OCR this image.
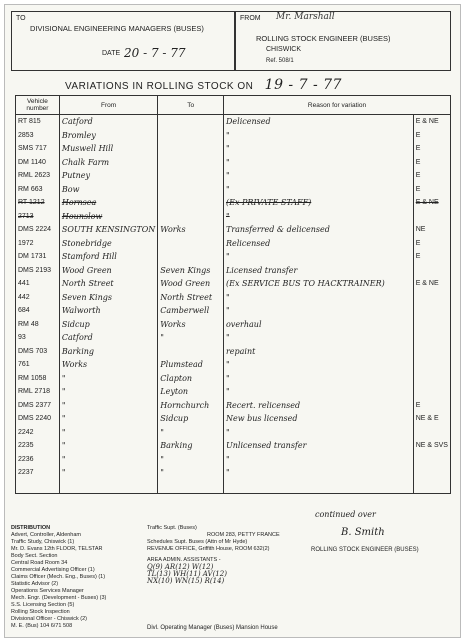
TO
DIVISIONAL ENGINEERING MANAGERS (BUSES)
DATE 20 - 7 - 77
FROM Mr. Marshall
ROLLING STOCK ENGINEER (BUSES)
CHISWICK
Ref. 508/1
VARIATIONS IN ROLLING STOCK ON 19 - 7 - 77
Vehicle number	From	To	Reason for variation	
RT 815	Catford		Delicensed	E & NE
2853	Bromley		"	E
SMS 717	Muswell Hill		"	E
DM 1140	Chalk Farm		"	E
RML 2623	Putney		"	E
RM 663	Bow		"	E
RT 1212	Hornsea		(Ex PRIVATE STAFF)	E & NE
2713	Hounslow		"	
DMS 2224	SOUTH KENSINGTON	Works	Transferred & delicensed	NE
1972	Stonebridge		Relicensed	E
DM 1731	Stamford Hill		"	E
DMS 2193	Wood Green	Seven Kings	Licensed transfer	
441	North Street	Wood Green	(Ex SERVICE BUS TO HACKTRAINER)	E & NE
442	Seven Kings	North Street	"	
684	Walworth	Camberwell	"	
RM 48	Sidcup	Works	overhaul	
93	Catford	"	"	
DMS 703	Barking		repaint	
761	Works	Plumstead	"	
RM 1058	"	Clapton	"	
RML 2718	"	Leyton	"	
DMS 2377	"	Hornchurch	Recert. relicensed	E
DMS 2240	"	Sidcup	New bus licensed	NE & E
2242	"	"	"	
2235	"	Barking	Unlicensed transfer	NE & SVS
2236	"	"	"	
2237	"	"	"	

continued over
DISTRIBUTION
Advert, Controller, Aldenham
Traffic Study, Chiswick (1)
Mr. D. Evans 12th FLOOR, TELSTAR
Body Sect. Section
Central Road Room 34
Commercial Advertising Officer (1)
Claims Officer (Mech. Eng., Buses) (1)
Statistic Advisor (2)
Operations Services Manager
Mech. Engr. (Development - Buses) (3)
S.S. Licensing Section (5)
Rolling Stock Inspection
Divisional Officer - Chiswick (2)
M. E. (Bus) 104 6/71 508
Traffic Supt. (Buses)
ROOM 283, PETTY FRANCE
Schedules Supt. Buses (Attn of Mr Hyde)
REVENUE OFFICE, Griffith House, ROOM 632(2)
AREA ADMIN. ASSISTANTS -
Q(9) AR(12) W(12)
TL(13) WH(11) AV(12)
NX(10) WN(15) R(14)
B. Smith
ROLLING STOCK ENGINEER (BUSES)
Divl. Operating Manager (Buses) Mansion House
